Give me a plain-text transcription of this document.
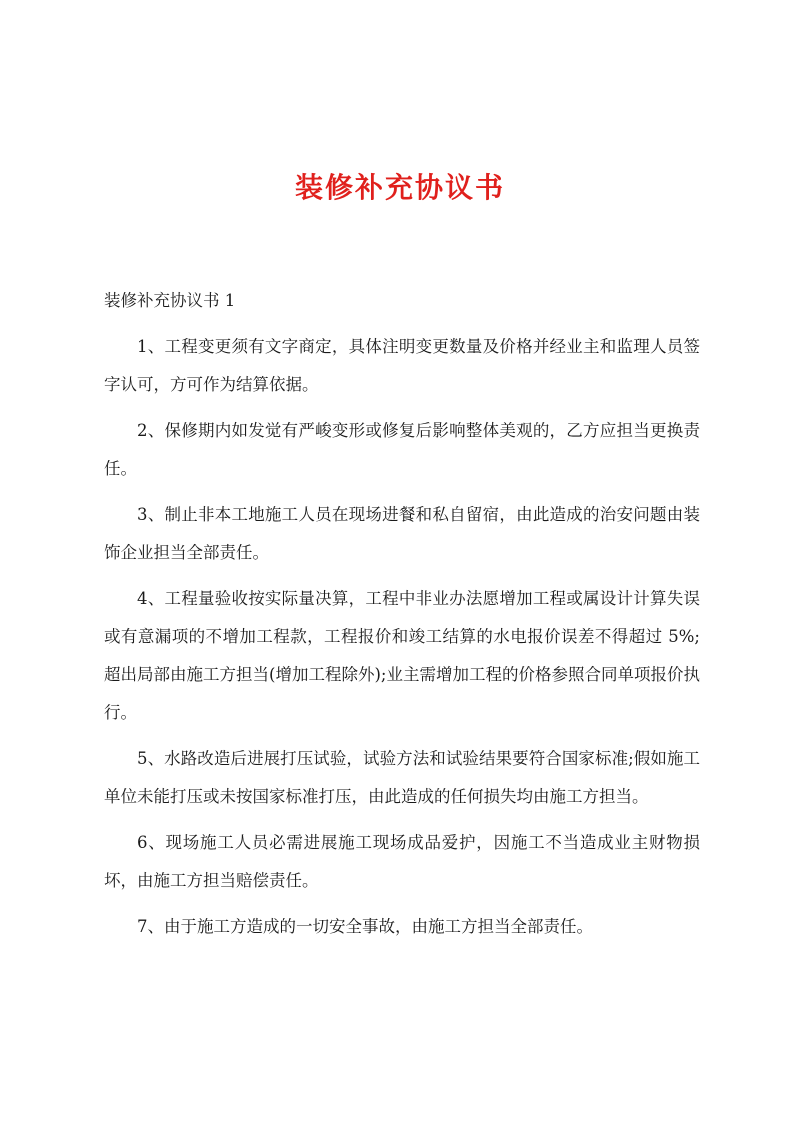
装修补充协议书

装修补充协议书 1

1、工程变更须有文字商定，具体注明变更数量及价格并经业主和监理人员签字认可，方可作为结算依据。

2、保修期内如发觉有严峻变形或修复后影响整体美观的，乙方应担当更换责任。

3、制止非本工地施工人员在现场进餐和私自留宿，由此造成的治安问题由装饰企业担当全部责任。

4、工程量验收按实际量决算，工程中非业办法愿增加工程或属设计计算失误或有意漏项的不增加工程款，工程报价和竣工结算的水电报价误差不得超过 5%;超出局部由施工方担当(增加工程除外);业主需增加工程的价格参照合同单项报价执行。

5、水路改造后进展打压试验，试验方法和试验结果要符合国家标准;假如施工单位未能打压或未按国家标准打压，由此造成的任何损失均由施工方担当。

6、现场施工人员必需进展施工现场成品爱护，因施工不当造成业主财物损坏，由施工方担当赔偿责任。

7、由于施工方造成的一切安全事故，由施工方担当全部责任。
